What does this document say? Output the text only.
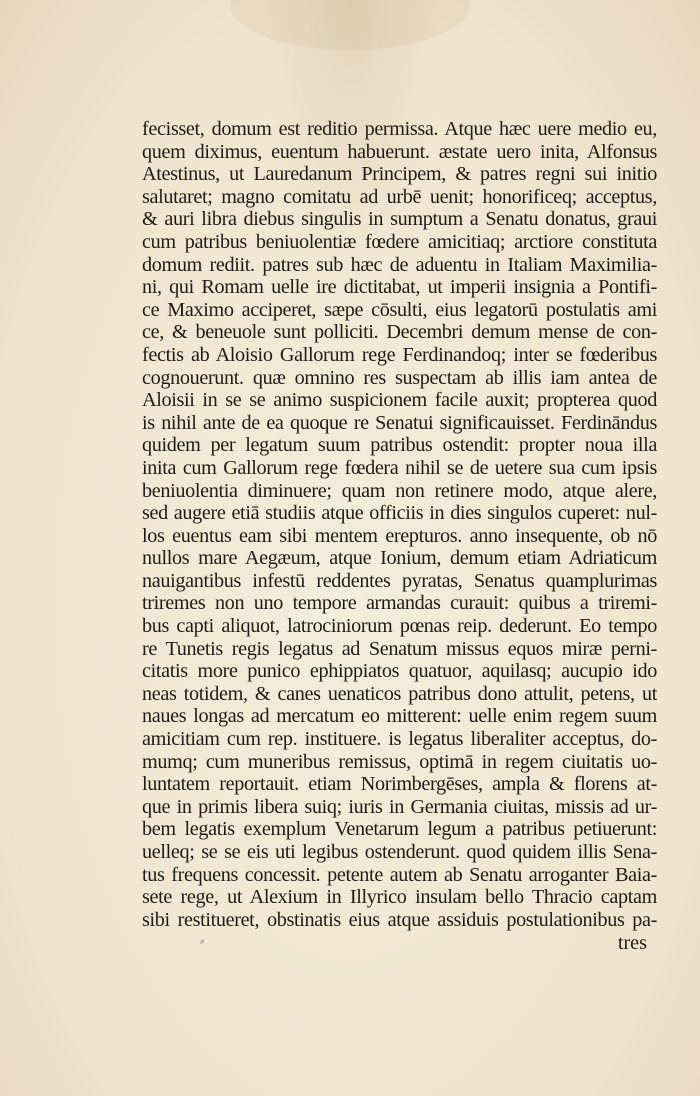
fecisset, domum est reditio permissa. Atque hæc uere medio eu,
quem diximus, euentum habuerunt. æstate uero inita, Alfonsus
Atestinus, ut Lauredanum Principem, & patres regni sui initio
salutaret; magno comitatu ad urbē uenit; honorificeq; acceptus,
& auri libra diebus singulis in sumptum a Senatu donatus, graui
cum patribus beniuolentiæ fœdere amicitiaq; arctiore constituta
domum rediit. patres sub hæc de aduentu in Italiam Maximilia-
ni, qui Romam uelle ire dictitabat, ut imperii insignia a Pontifi-
ce Maximo acciperet, sæpe cōsulti, eius legatorū postulatis ami
ce, & beneuole sunt polliciti. Decembri demum mense de con-
fectis ab Aloisio Gallorum rege Ferdinandoq; inter se fœderibus
cognouerunt. quæ omnino res suspectam ab illis iam antea de
Aloisii in se se animo suspicionem facile auxit; propterea quod
is nihil ante de ea quoque re Senatui significauisset. Ferdināndus
quidem per legatum suum patribus ostendit: propter noua illa
inita cum Gallorum rege fœdera nihil se de uetere sua cum ipsis
beniuolentia diminuere; quam non retinere modo, atque alere,
sed augere etiā studiis atque officiis in dies singulos cuperet: nul-
los euentus eam sibi mentem erepturos. anno insequente, ob nō
nullos mare Aegæum, atque Ionium, demum etiam Adriaticum
nauigantibus infestū reddentes pyratas, Senatus quamplurimas
triremes non uno tempore armandas curauit: quibus a triremi-
bus capti aliquot, latrociniorum pœnas reip. dederunt. Eo tempo
re Tunetis regis legatus ad Senatum missus equos miræ perni-
citatis more punico ephippiatos quatuor, aquilasq; aucupio ido
neas totidem, & canes uenaticos patribus dono attulit, petens, ut
naues longas ad mercatum eo mitterent: uelle enim regem suum
amicitiam cum rep. instituere. is legatus liberaliter acceptus, do-
mumq; cum muneribus remissus, optimā in regem ciuitatis uo-
luntatem reportauit. etiam Norimbergēses, ampla & florens at-
que in primis libera suiq; iuris in Germania ciuitas, missis ad ur-
bem legatis exemplum Venetarum legum a patribus petiuerunt:
uelleq; se se eis uti legibus ostenderunt. quod quidem illis Sena-
tus frequens concessit. petente autem ab Senatu arroganter Baia-
sete rege, ut Alexium in Illyrico insulam bello Thracio captam
sibi restitueret, obstinatis eius atque assiduis postulationibus pa-
⸗	tres
